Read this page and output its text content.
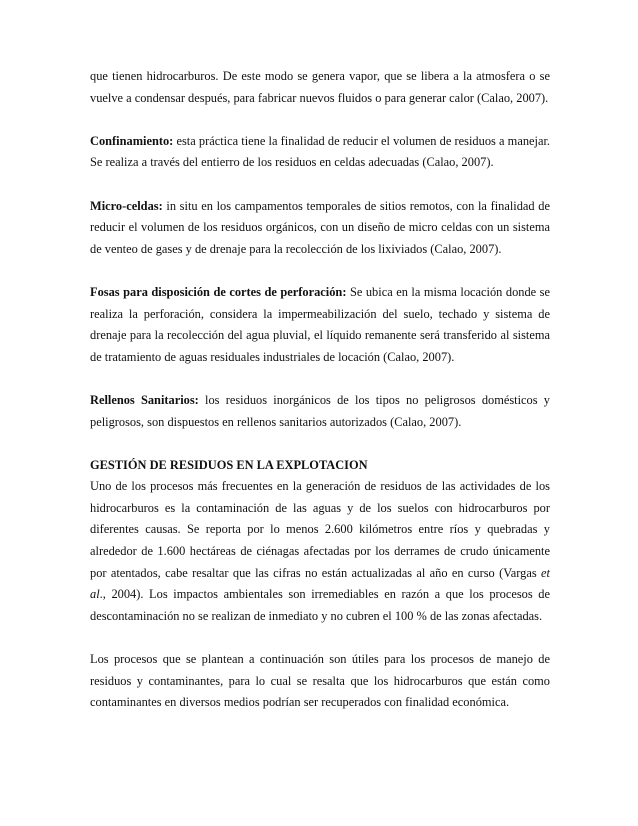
que tienen hidrocarburos. De este modo se genera vapor, que se libera a la atmosfera o se vuelve a condensar después, para fabricar nuevos fluidos o para generar calor (Calao, 2007).

Confinamiento: esta práctica tiene la finalidad de reducir el volumen de residuos a manejar. Se realiza a través del entierro de los residuos en celdas adecuadas (Calao, 2007).

Micro-celdas: in situ en los campamentos temporales de sitios remotos, con la finalidad de reducir el volumen de los residuos orgánicos, con un diseño de micro celdas con un sistema de venteo de gases y de drenaje para la recolección de los lixiviados (Calao, 2007).

Fosas para disposición de cortes de perforación: Se ubica en la misma locación donde se realiza la perforación, considera la impermeabilización del suelo, techado y sistema de drenaje para la recolección del agua pluvial, el líquido remanente será transferido al sistema de tratamiento de aguas residuales industriales de locación (Calao, 2007).

Rellenos Sanitarios: los residuos inorgánicos de los tipos no peligrosos domésticos y peligrosos, son dispuestos en rellenos sanitarios autorizados (Calao, 2007).

GESTIÓN DE RESIDUOS EN LA EXPLOTACION

Uno de los procesos más frecuentes en la generación de residuos de las actividades de los hidrocarburos es la contaminación de las aguas y de los suelos con hidrocarburos por diferentes causas. Se reporta por lo menos 2.600 kilómetros entre ríos y quebradas y alrededor de 1.600 hectáreas de ciénagas afectadas por los derrames de crudo únicamente por atentados, cabe resaltar que las cifras no están actualizadas al año en curso (Vargas et al., 2004). Los impactos ambientales son irremediables en razón a que los procesos de descontaminación no se realizan de inmediato y no cubren el 100 % de las zonas afectadas.

Los procesos que se plantean a continuación son útiles para los procesos de manejo de residuos y contaminantes, para lo cual se resalta que los hidrocarburos que están como contaminantes en diversos medios podrían ser recuperados con finalidad económica.
